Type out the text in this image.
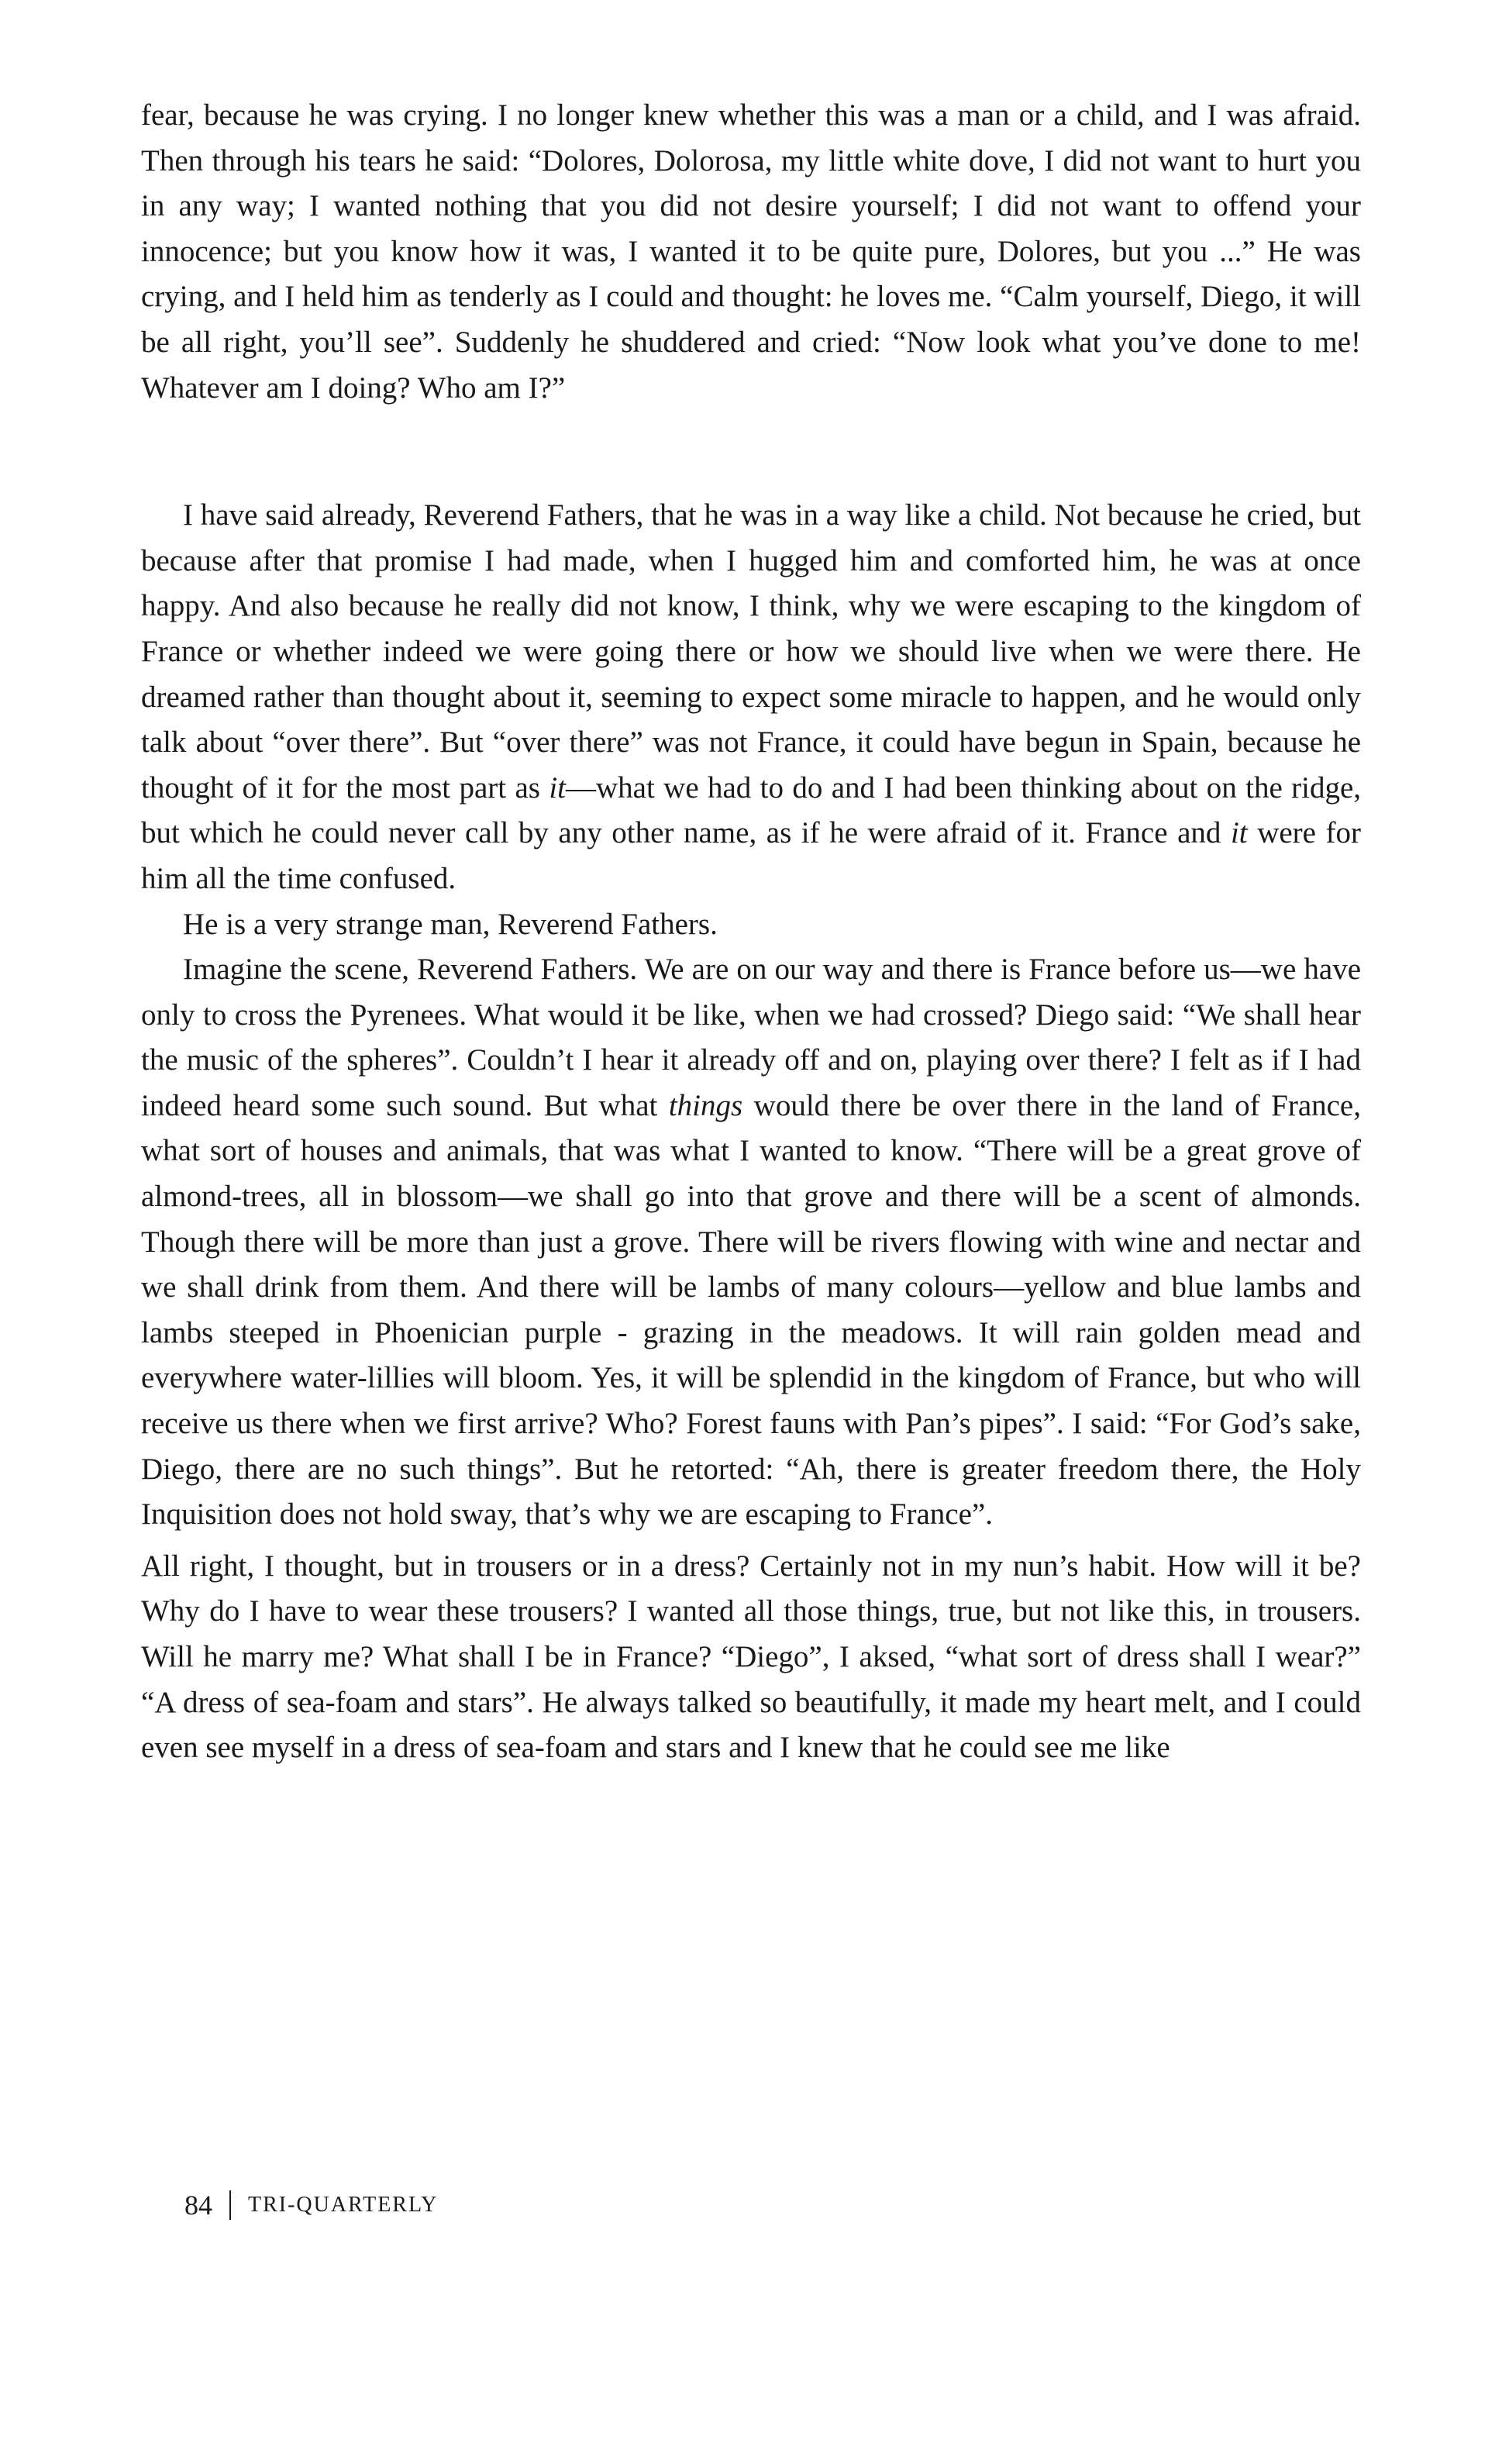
fear, because he was crying. I no longer knew whether this was a man or a child, and I was afraid. Then through his tears he said: “Dolores, Dolorosa, my little white dove, I did not want to hurt you in any way; I wanted nothing that you did not desire yourself; I did not want to offend your innocence; but you know how it was, I wanted it to be quite pure, Dolores, but you ...” He was crying, and I held him as tenderly as I could and thought: he loves me. “Calm yourself, Diego, it will be all right, you’ll see”. Suddenly he shuddered and cried: “Now look what you’ve done to me! Whatever am I doing? Who am I?”

I have said already, Reverend Fathers, that he was in a way like a child. Not because he cried, but because after that promise I had made, when I hugged him and comforted him, he was at once happy. And also because he really did not know, I think, why we were escaping to the kingdom of France or whether indeed we were going there or how we should live when we were there. He dreamed rather than thought about it, seeming to expect some miracle to happen, and he would only talk about “over there”. But “over there” was not France, it could have begun in Spain, because he thought of it for the most part as it—what we had to do and I had been thinking about on the ridge, but which he could never call by any other name, as if he were afraid of it. France and it were for him all the time confused.

He is a very strange man, Reverend Fathers.

Imagine the scene, Reverend Fathers. We are on our way and there is France before us—we have only to cross the Pyrenees. What would it be like, when we had crossed? Diego said: “We shall hear the music of the spheres”. Couldn’t I hear it already off and on, playing over there? I felt as if I had indeed heard some such sound. But what things would there be over there in the land of France, what sort of houses and animals, that was what I wanted to know. “There will be a great grove of almond-trees, all in blossom—we shall go into that grove and there will be a scent of almonds. Though there will be more than just a grove. There will be rivers flowing with wine and nectar and we shall drink from them. And there will be lambs of many colours—yellow and blue lambs and lambs steeped in Phoenician purple - grazing in the meadows. It will rain golden mead and everywhere water-lillies will bloom. Yes, it will be splendid in the kingdom of France, but who will receive us there when we first arrive? Who? Forest fauns with Pan’s pipes”. I said: “For God’s sake, Diego, there are no such things”. But he retorted: “Ah, there is greater freedom there, the Holy Inquisition does not hold sway, that’s why we are escaping to France”.

All right, I thought, but in trousers or in a dress? Certainly not in my nun’s habit. How will it be? Why do I have to wear these trousers? I wanted all those things, true, but not like this, in trousers. Will he marry me? What shall I be in France? “Diego”, I aksed, “what sort of dress shall I wear?” “A dress of sea-foam and stars”. He always talked so beautifully, it made my heart melt, and I could even see myself in a dress of sea-foam and stars and I knew that he could see me like

84 TRI-QUARTERLY
